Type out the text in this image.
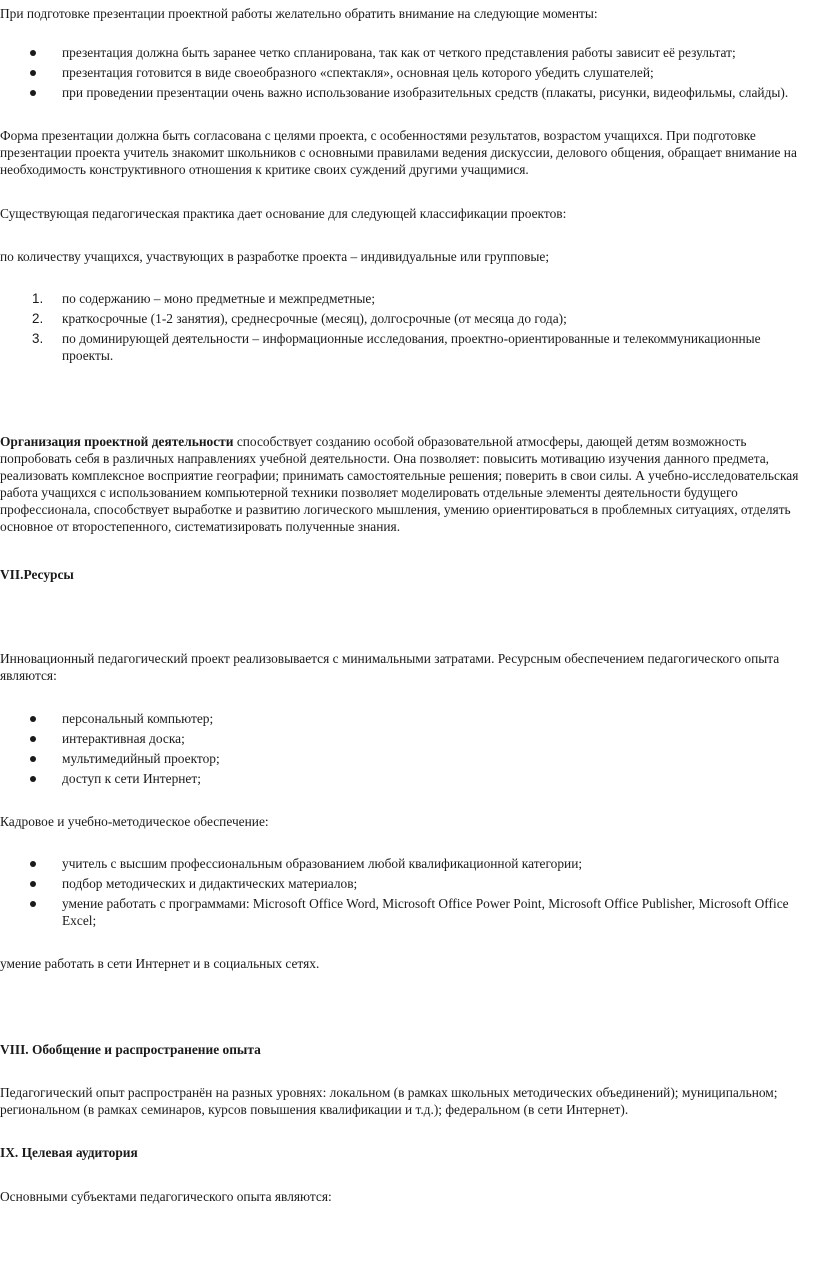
При подготовке презентации проектной работы желательно обратить внимание на следующие моменты:

презентация должна быть заранее четко спланирована, так как от четкого представления работы зависит её результат;
презентация готовится в виде своеобразного «спектакля», основная цель которого убедить слушателей;
при проведении презентации очень важно использование изобразительных средств (плакаты, рисунки, видеофильмы, слайды).

Форма презентации должна быть согласована с целями проекта, с особенностями результатов, возрастом учащихся. При подготовке презентации проекта учитель знакомит школьников с основными правилами ведения дискуссии, делового общения, обращает внимание на необходимость конструктивного отношения к критике своих суждений другими учащимися.

Существующая педагогическая практика дает основание для следующей классификации проектов:

по количеству учащихся, участвующих в разработке проекта – индивидуальные или групповые;

1. по содержанию – моно предметные и межпредметные;
2. краткосрочные (1-2 занятия), среднесрочные (месяц), долгосрочные (от месяца до года);
3. по доминирующей деятельности – информационные исследования, проектно-ориентированные и телекоммуникационные проекты.

Организация проектной деятельности способствует созданию особой образовательной атмосферы, дающей детям возможность попробовать себя в различных направлениях учебной деятельности. Она позволяет: повысить мотивацию изучения данного предмета, реализовать комплексное восприятие географии; принимать самостоятельные решения; поверить в свои силы. А учебно-исследовательская работа учащихся с использованием компьютерной техники позволяет моделировать отдельные элементы деятельности будущего профессионала, способствует выработке и развитию логического мышления, умению ориентироваться в проблемных ситуациях, отделять основное от второстепенного, систематизировать полученные знания.

VII.Ресурсы

Инновационный педагогический проект реализовывается с минимальными затратами. Ресурсным обеспечением педагогического опыта являются:

персональный компьютер;
интерактивная доска;
мультимедийный проектор;
доступ к сети Интернет;

Кадровое и учебно-методическое обеспечение:

учитель с высшим профессиональным образованием любой квалификационной категории;
подбор методических и дидактических материалов;
умение работать с программами: Microsoft Office Word, Microsoft Office Power Point, Microsoft Office Publisher, Microsoft Office Excel;

умение работать в сети Интернет и в социальных сетях.

VIII. Обобщение и распространение опыта

Педагогический опыт распространён на разных уровнях: локальном (в рамках школьных методических объединений); муниципальном; региональном (в рамках семинаров, курсов повышения квалификации и т.д.); федеральном (в сети Интернет).

IX. Целевая аудитория

Основными субъектами педагогического опыта являются:
